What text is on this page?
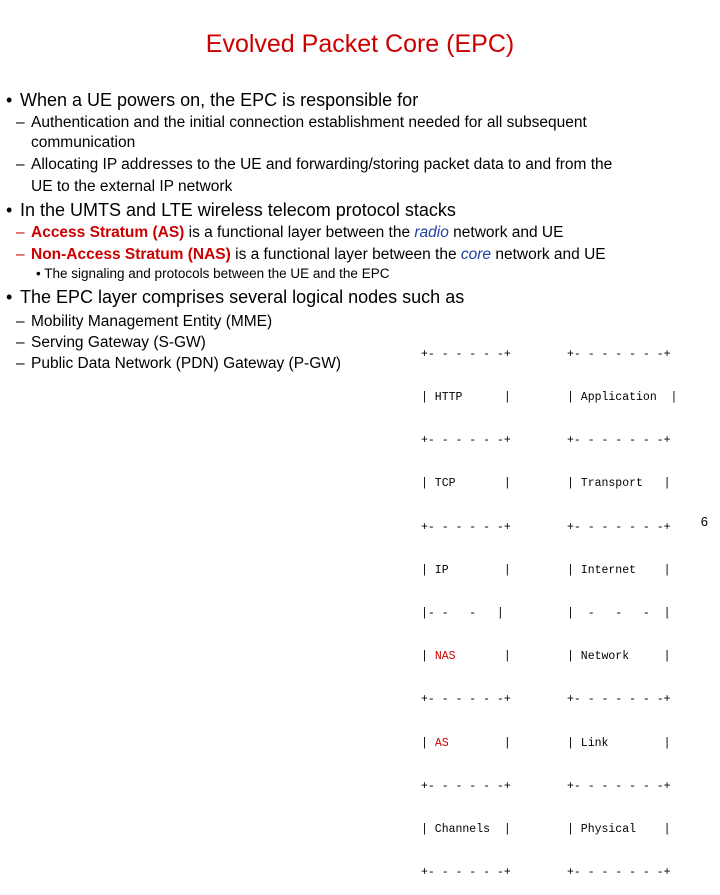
Evolved Packet Core (EPC)
• When a UE powers on, the EPC is responsible for
– Authentication and the initial connection establishment needed for all subsequent
communication
– Allocating IP addresses to the UE and forwarding/storing packet data to and from the
UE to the external IP network
• In the UMTS and LTE wireless telecom protocol stacks
– Access Stratum (AS) is a functional layer between the radio network and UE
– Non-Access Stratum (NAS) is a functional layer between the core network and UE
• The signaling and protocols between the UE and the EPC
• The EPC layer comprises several logical nodes such as
– Mobility Management Entity (MME)
– Serving Gateway (S-GW)
– Public Data Network (PDN) Gateway (P-GW)

+- - - - - -+

| HTTP      |

+- - - - - -+

| TCP       |

+- - - - - -+

| IP        |

|- -   -   |

| NAS       |

+- - - - - -+

| AS        |

+- - - - - -+

| Channels  |

+- - - - - -+

+- - - - - - -+

| Application  |

+- - - - - - -+

| Transport   |

+- - - - - - -+

| Internet    |

|  -   -   -  |

| Network     |

+- - - - - - -+

| Link        |

+- - - - - - -+

| Physical    |

+- - - - - - -+

6
